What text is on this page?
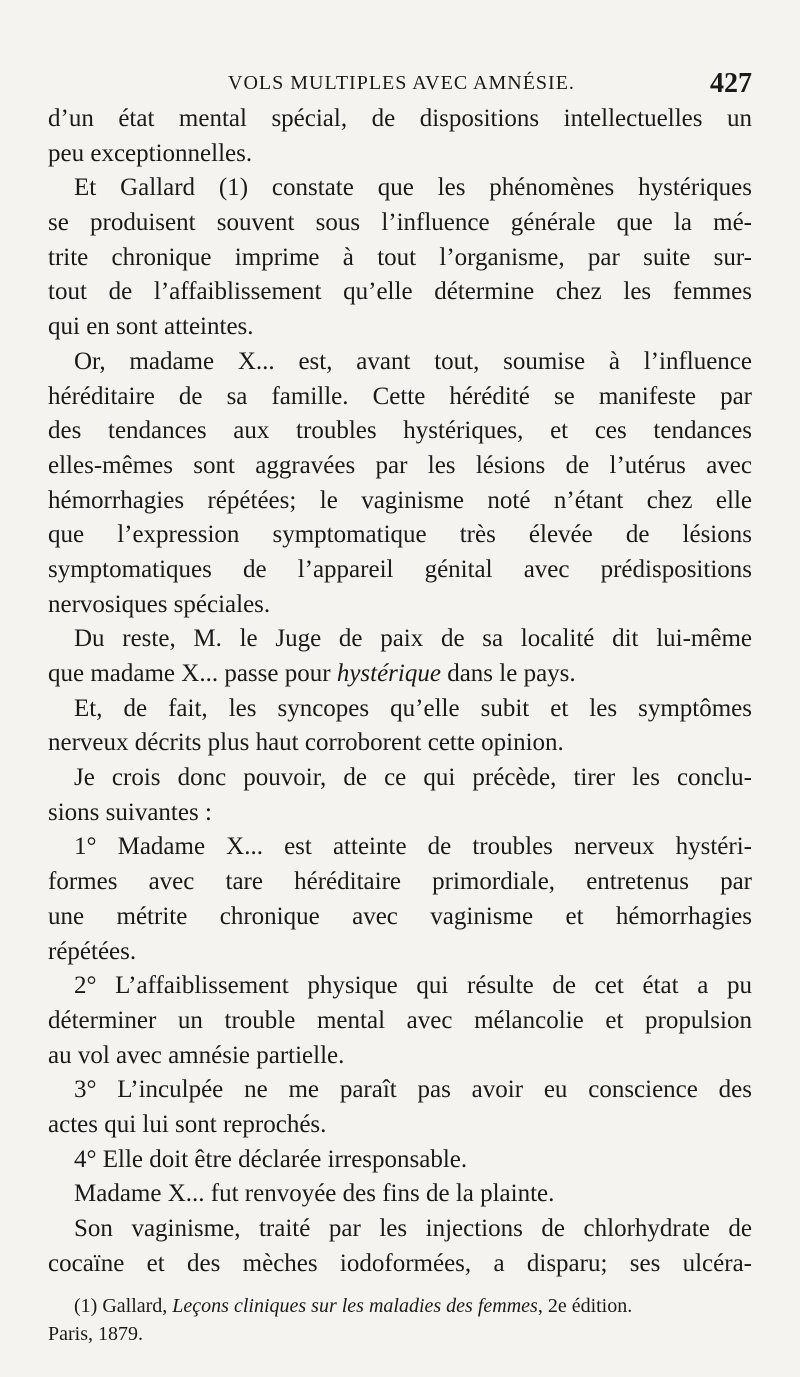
VOLS MULTIPLES AVEC AMNÉSIE.	427
d’un état mental spécial, de dispositions intellectuelles un
peu exceptionnelles.
Et Gallard (1) constate que les phénomènes hystériques
se produisent souvent sous l’influence générale que la mé-
trite chronique imprime à tout l’organisme, par suite sur-
tout de l’affaiblissement qu’elle détermine chez les femmes
qui en sont atteintes.
Or, madame X... est, avant tout, soumise à l’influence
héréditaire de sa famille. Cette hérédité se manifeste par
des tendances aux troubles hystériques, et ces tendances
elles-mêmes sont aggravées par les lésions de l’utérus avec
hémorrhagies répétées; le vaginisme noté n’étant chez elle
que l’expression symptomatique très élevée de lésions
symptomatiques de l’appareil génital avec prédispositions
nervosiques spéciales.
Du reste, M. le Juge de paix de sa localité dit lui-même
que madame X... passe pour hystérique dans le pays.
Et, de fait, les syncopes qu’elle subit et les symptômes
nerveux décrits plus haut corroborent cette opinion.
Je crois donc pouvoir, de ce qui précède, tirer les conclu-
sions suivantes :
1° Madame X... est atteinte de troubles nerveux hystéri-
formes avec tare héréditaire primordiale, entretenus par
une métrite chronique avec vaginisme et hémorrhagies
répétées.
2° L’affaiblissement physique qui résulte de cet état a pu
déterminer un trouble mental avec mélancolie et propulsion
au vol avec amnésie partielle.
3° L’inculpée ne me paraît pas avoir eu conscience des
actes qui lui sont reprochés.
4° Elle doit être déclarée irresponsable.
Madame X... fut renvoyée des fins de la plainte.
Son vaginisme, traité par les injections de chlorhydrate de
cocaïne et des mèches iodoformées, a disparu; ses ulcéra-
(1) Gallard, Leçons cliniques sur les maladies des femmes, 2e édition.
Paris, 1879.
